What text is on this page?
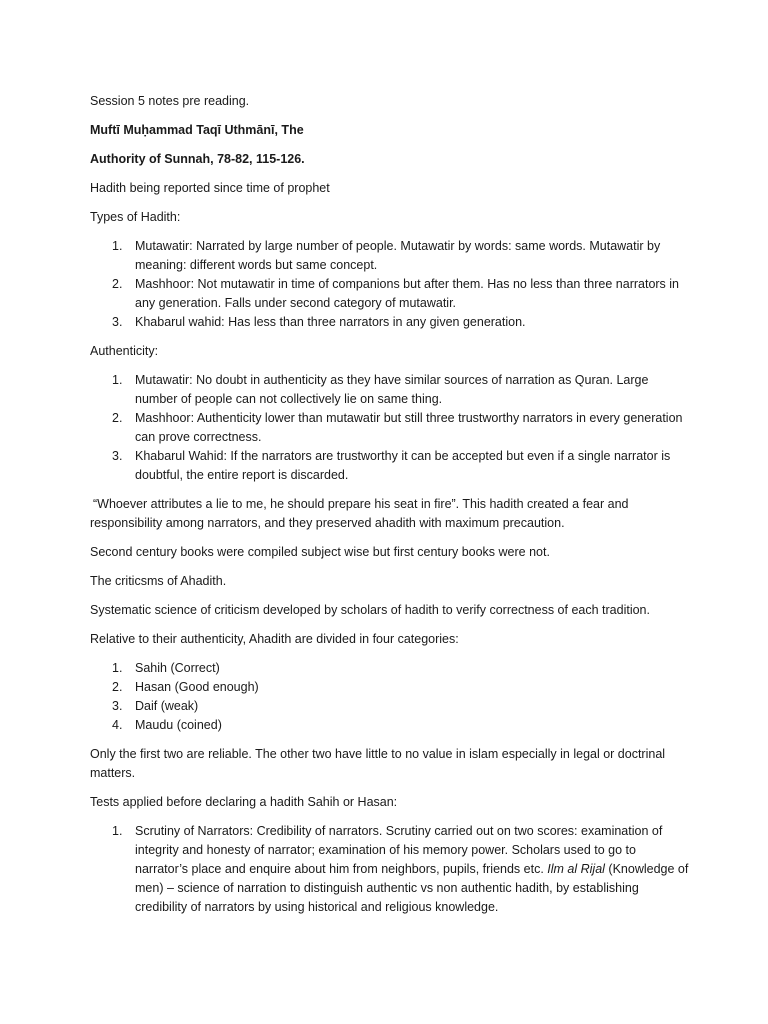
Session 5 notes pre reading.

Muftī Muḥammad Taqī Uthmānī, The

Authority of Sunnah, 78-82, 115-126.

Hadith being reported since time of prophet

Types of Hadith:

1. Mutawatir: Narrated by large number of people. Mutawatir by words: same words. Mutawatir by meaning: different words but same concept.
2. Mashhoor: Not mutawatir in time of companions but after them. Has no less than three narrators in any generation. Falls under second category of mutawatir.
3. Khabarul wahid: Has less than three narrators in any given generation.

Authenticity:

1. Mutawatir: No doubt in authenticity as they have similar sources of narration as Quran. Large number of people can not collectively lie on same thing.
2. Mashhoor: Authenticity lower than mutawatir but still three trustworthy narrators in every generation can prove correctness.
3. Khabarul Wahid: If the narrators are trustworthy it can be accepted but even if a single narrator is doubtful, the entire report is discarded.

“Whoever attributes a lie to me, he should prepare his seat in fire”. This hadith created a fear and responsibility among narrators, and they preserved ahadith with maximum precaution.

Second century books were compiled subject wise but first century books were not.

The criticsms of Ahadith.

Systematic science of criticism developed by scholars of hadith to verify correctness of each tradition.

Relative to their authenticity, Ahadith are divided in four categories:

1. Sahih (Correct)
2. Hasan (Good enough)
3. Daif (weak)
4. Maudu (coined)

Only the first two are reliable. The other two have little to no value in islam especially in legal or doctrinal matters.

Tests applied before declaring a hadith Sahih or Hasan:

1. Scrutiny of Narrators: Credibility of narrators. Scrutiny carried out on two scores: examination of integrity and honesty of narrator; examination of his memory power. Scholars used to go to narrator’s place and enquire about him from neighbors, pupils, friends etc. Ilm al Rijal (Knowledge of men) – science of narration to distinguish authentic vs non authentic hadith, by establishing credibility of narrators by using historical and religious knowledge.
